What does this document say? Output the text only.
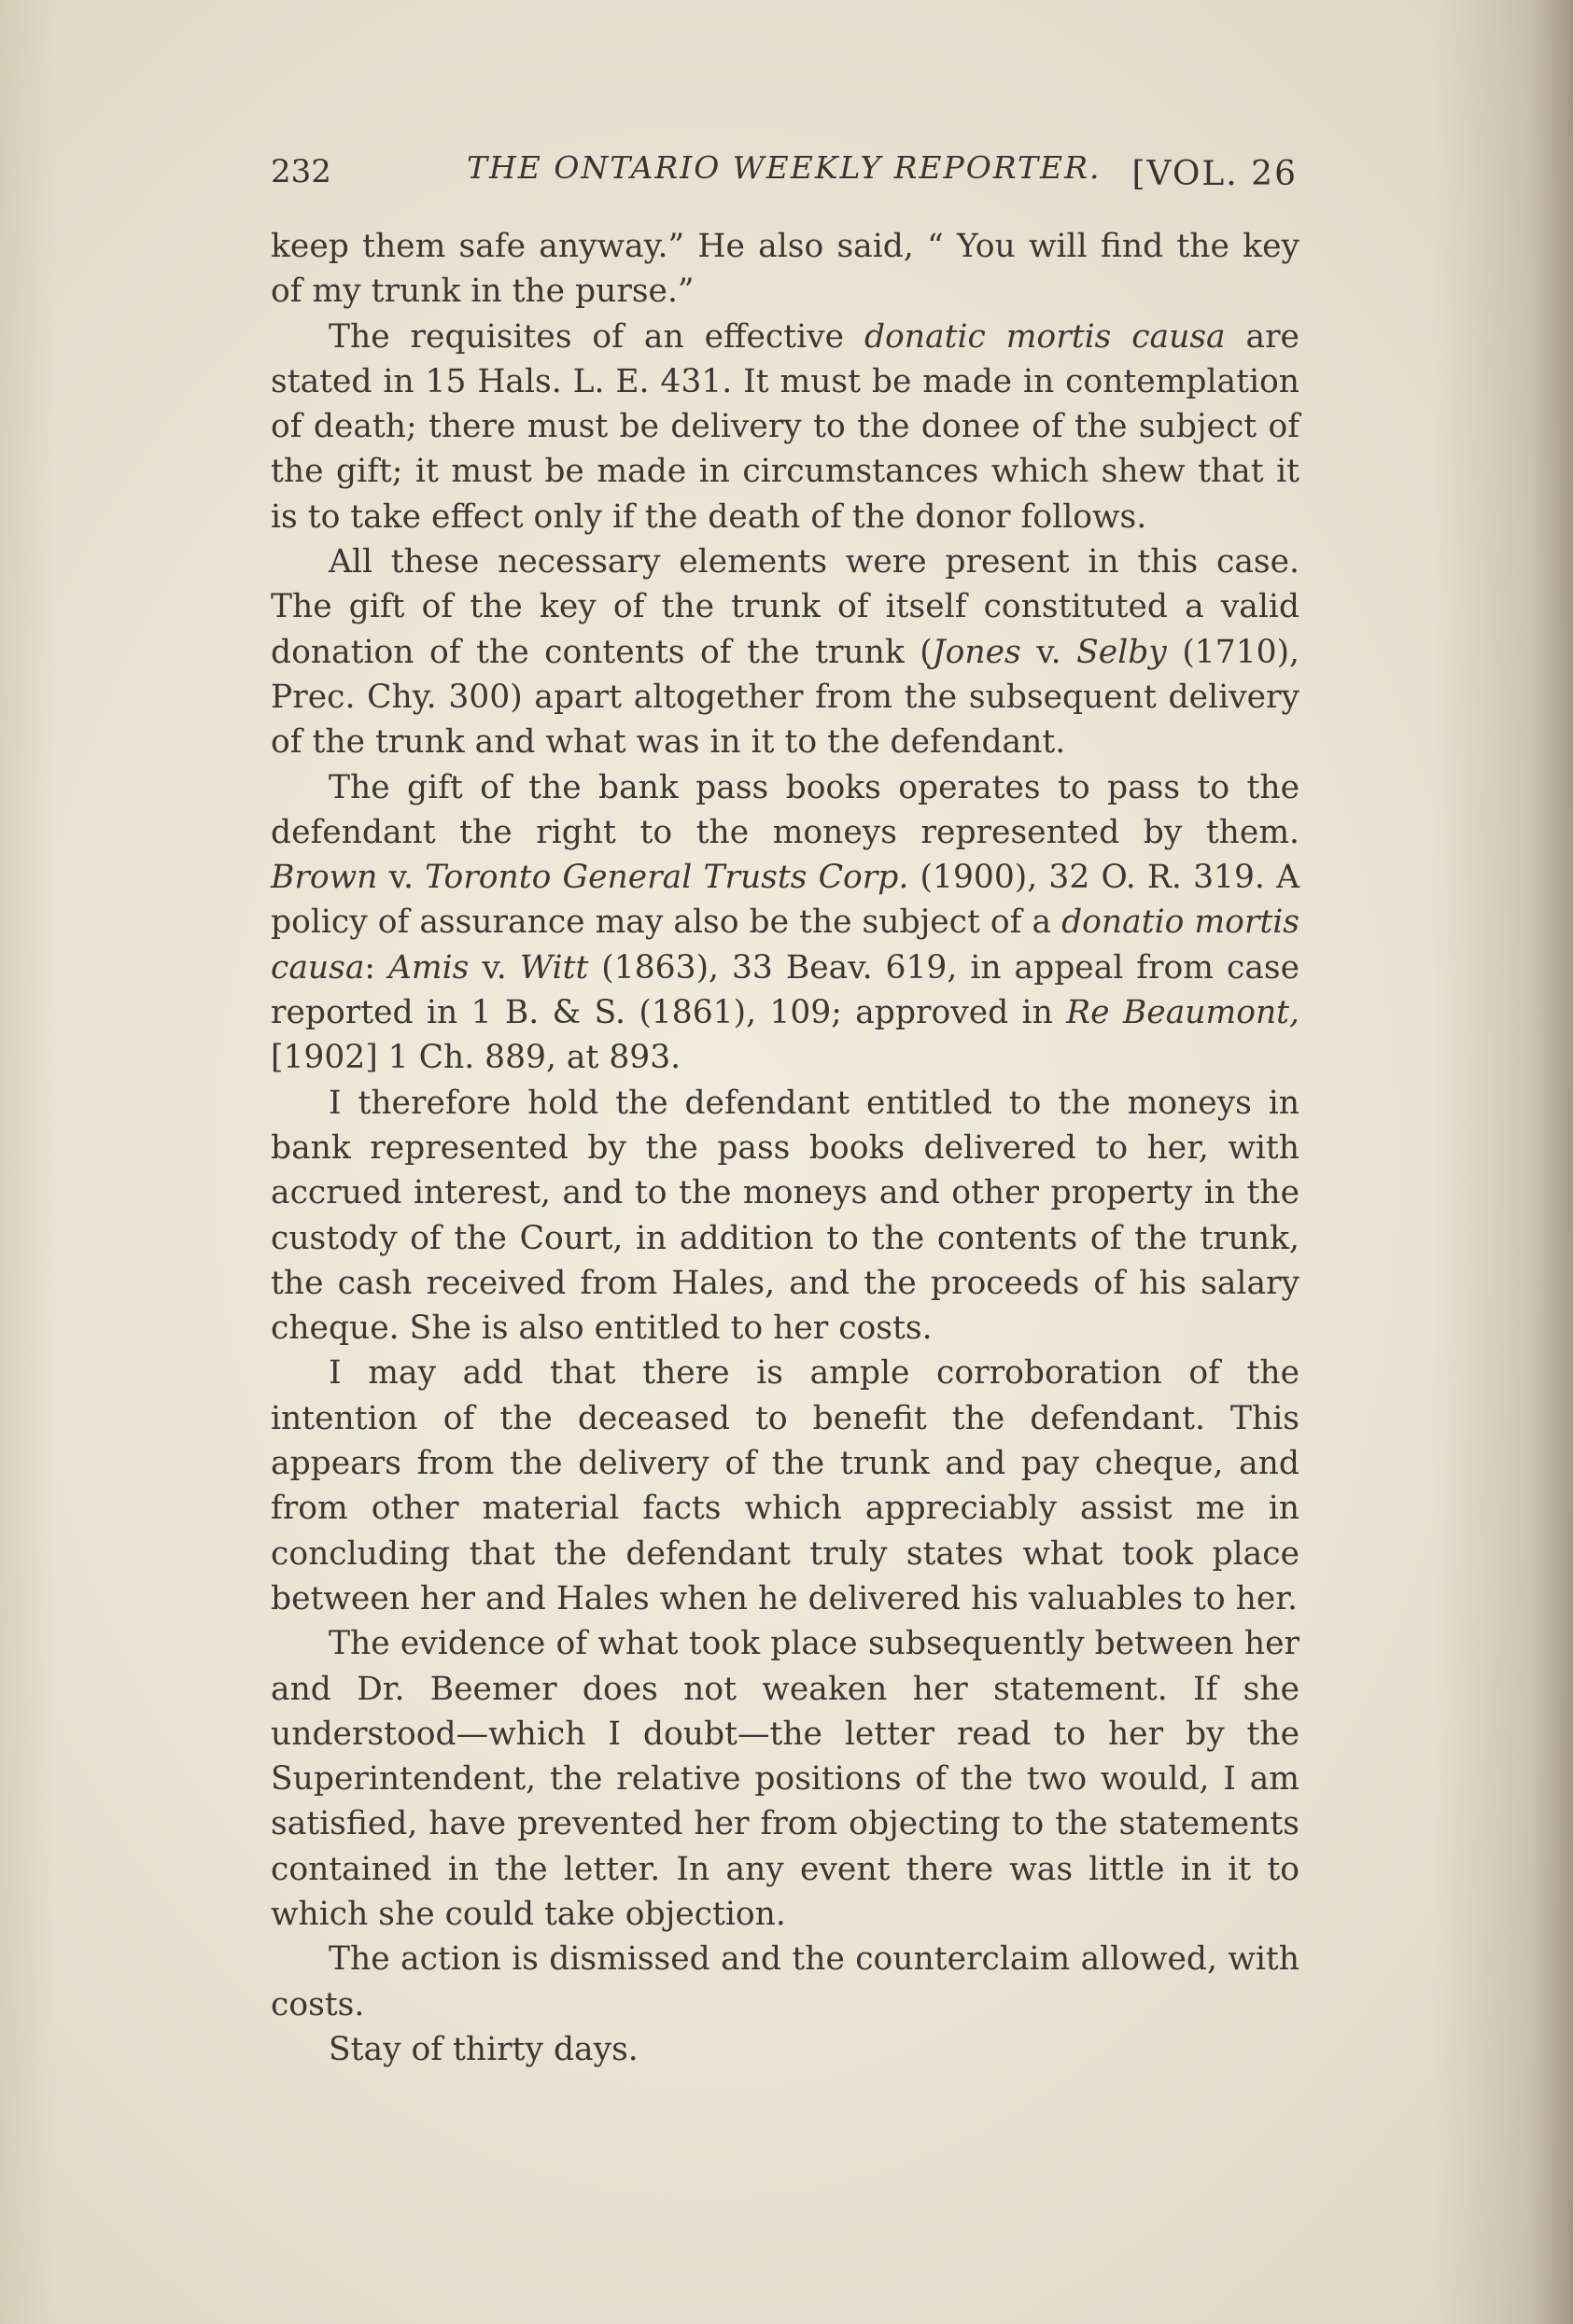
232	THE ONTARIO WEEKLY REPORTER. [VOL. 26

keep them safe anyway.” He also said, “ You will find the key of my trunk in the purse.”

The requisites of an effective donatic mortis causa are stated in 15 Hals. L. E. 431. It must be made in contemplation of death; there must be delivery to the donee of the subject of the gift; it must be made in circumstances which shew that it is to take effect only if the death of the donor follows.

All these necessary elements were present in this case. The gift of the key of the trunk of itself constituted a valid donation of the contents of the trunk (Jones v. Selby (1710), Prec. Chy. 300) apart altogether from the subsequent delivery of the trunk and what was in it to the defendant.

The gift of the bank pass books operates to pass to the defendant the right to the moneys represented by them. Brown v. Toronto General Trusts Corp. (1900), 32 O. R. 319. A policy of assurance may also be the subject of a donatio mortis causa: Amis v. Witt (1863), 33 Beav. 619, in appeal from case reported in 1 B. & S. (1861), 109; approved in Re Beaumont, [1902] 1 Ch. 889, at 893.

I therefore hold the defendant entitled to the moneys in bank represented by the pass books delivered to her, with accrued interest, and to the moneys and other property in the custody of the Court, in addition to the contents of the trunk, the cash received from Hales, and the proceeds of his salary cheque. She is also entitled to her costs.

I may add that there is ample corroboration of the intention of the deceased to benefit the defendant. This appears from the delivery of the trunk and pay cheque, and from other material facts which appreciably assist me in concluding that the defendant truly states what took place between her and Hales when he delivered his valuables to her.

The evidence of what took place subsequently between her and Dr. Beemer does not weaken her statement. If she understood—which I doubt—the letter read to her by the Superintendent, the relative positions of the two would, I am satisfied, have prevented her from objecting to the statements contained in the letter. In any event there was little in it to which she could take objection.

The action is dismissed and the counterclaim allowed, with costs.

Stay of thirty days.
